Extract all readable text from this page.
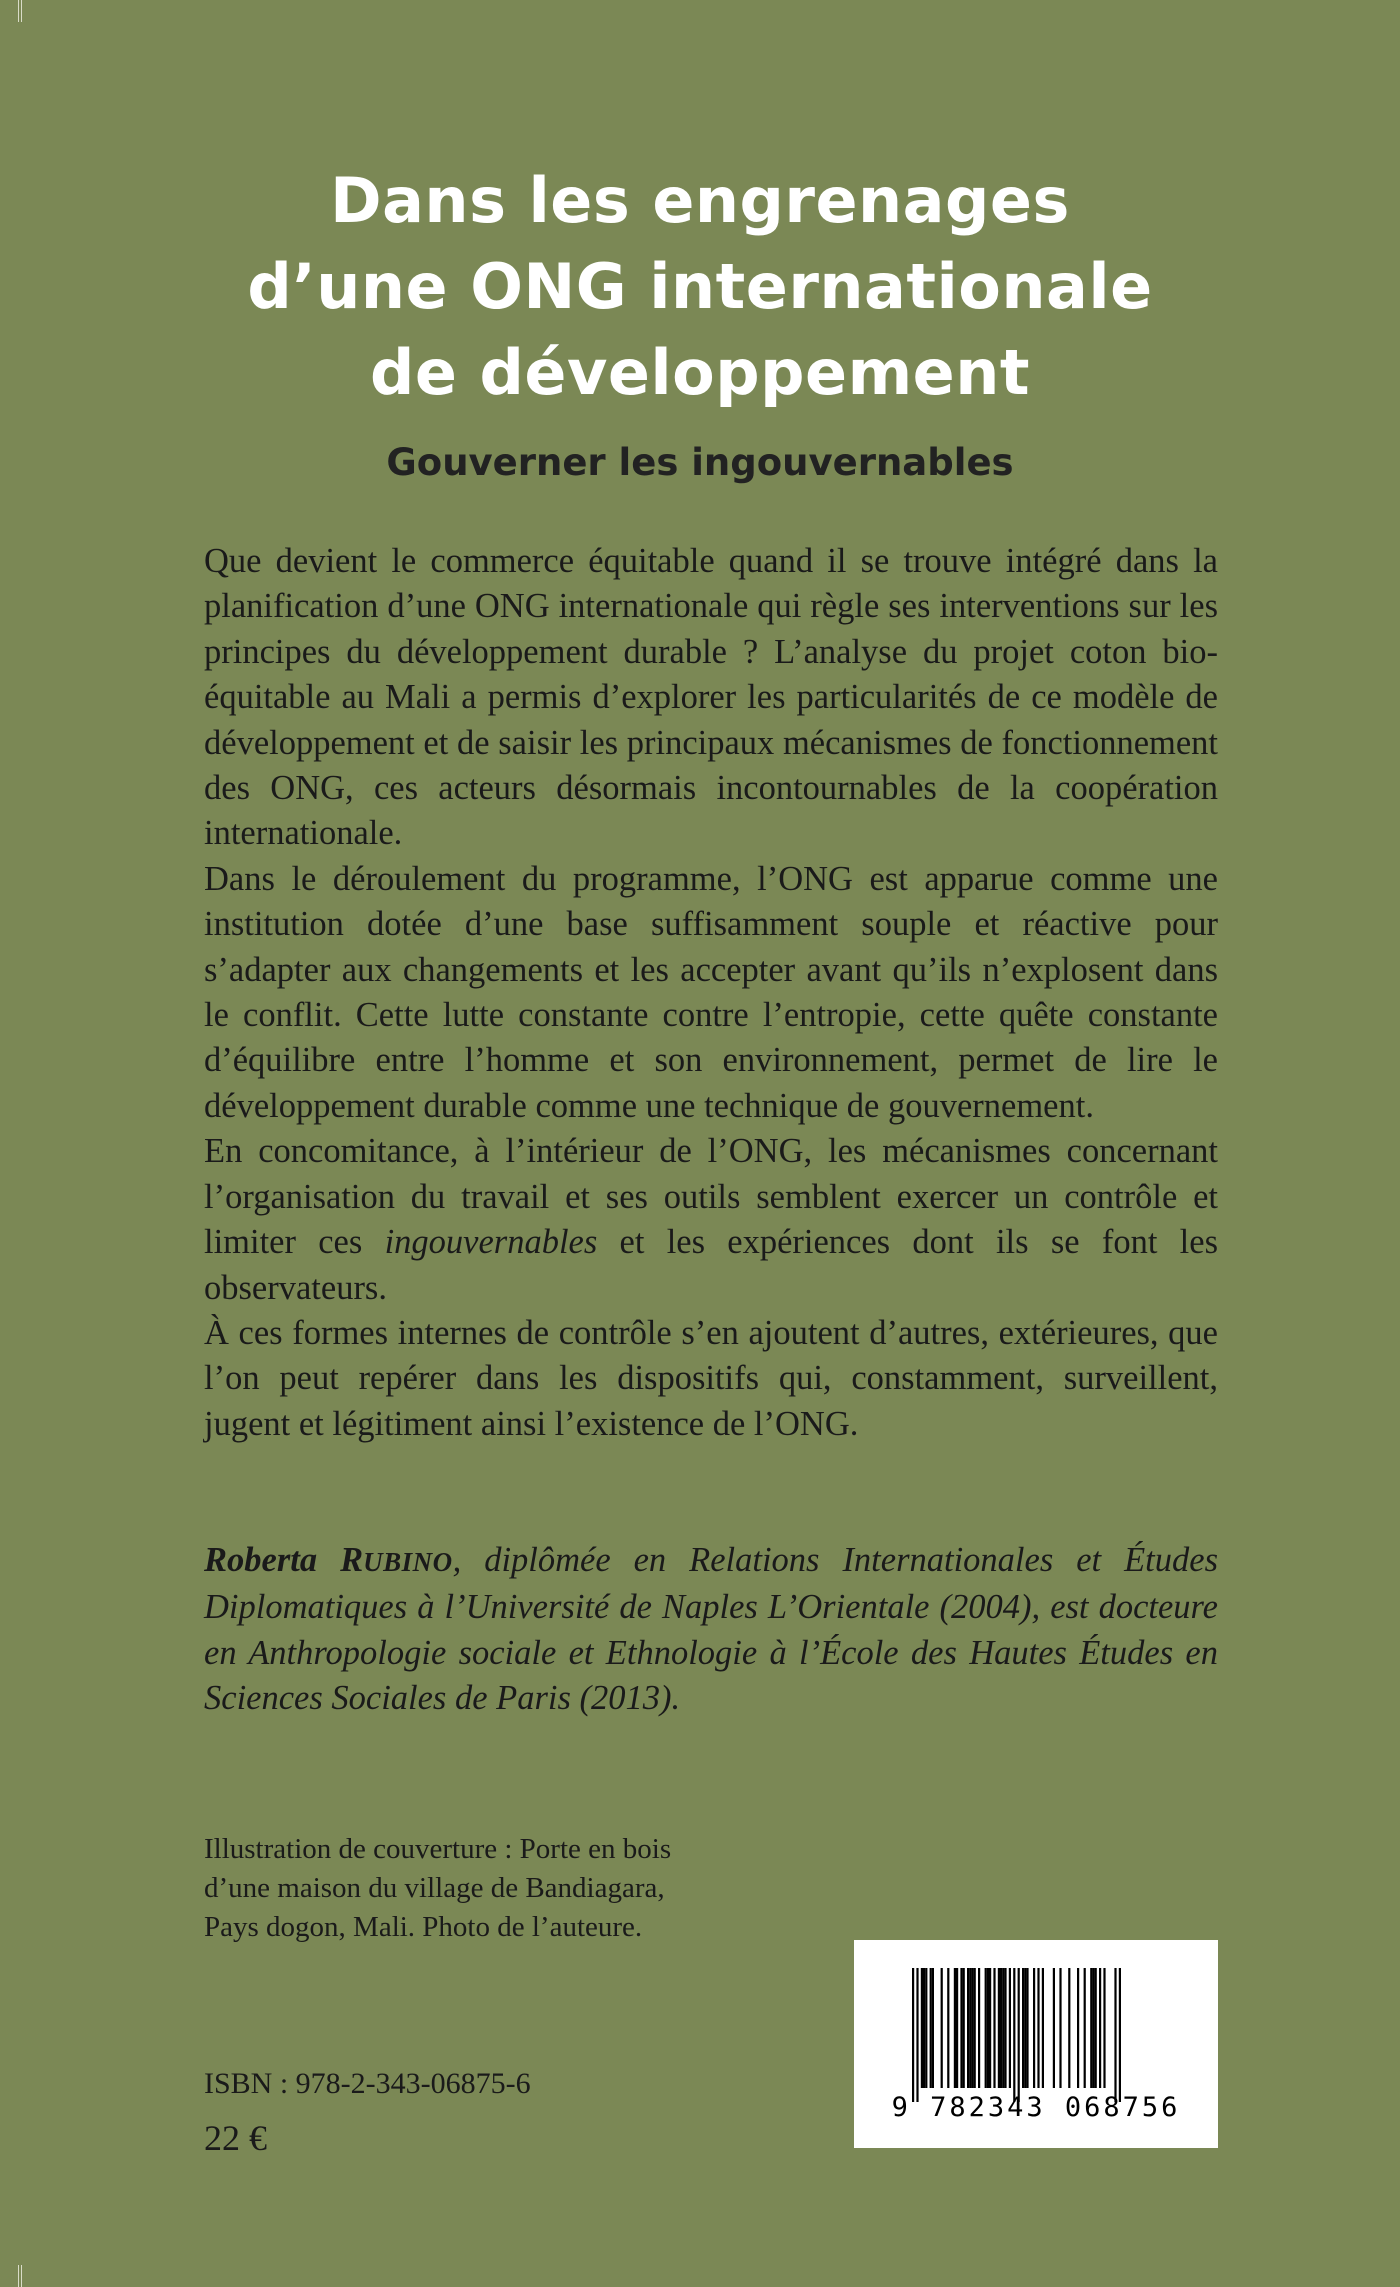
Dans les engrenages
d’une ONG internationale
de développement
Gouverner les ingouvernables

Que devient le commerce équitable quand il se trouve intégré dans la planification d’une ONG internationale qui règle ses interventions sur les principes du développement durable ? L’analyse du projet coton bio-équitable au Mali a permis d’explorer les particularités de ce modèle de développement et de saisir les principaux mécanismes de fonctionnement des ONG, ces acteurs désormais incontournables de la coopération internationale.

Dans le déroulement du programme, l’ONG est apparue comme une institution dotée d’une base suffisamment souple et réactive pour s’adapter aux changements et les accepter avant qu’ils n’explosent dans le conflit. Cette lutte constante contre l’entropie, cette quête constante d’équilibre entre l’homme et son environnement, permet de lire le développement durable comme une technique de gouvernement.

En concomitance, à l’intérieur de l’ONG, les mécanismes concernant l’organisation du travail et ses outils semblent exercer un contrôle et limiter ces ingouvernables et les expériences dont ils se font les observateurs.

À ces formes internes de contrôle s’en ajoutent d’autres, extérieures, que l’on peut repérer dans les dispositifs qui, constamment, surveillent, jugent et légitiment ainsi l’existence de l’ONG.

Roberta RUBINO, diplômée en Relations Internationales et Études Diplomatiques à l’Université de Naples L’Orientale (2004), est docteure en Anthropologie sociale et Ethnologie à l’École des Hautes Études en Sciences Sociales de Paris (2013).
Illustration de couverture : Porte en bois
d’une maison du village de Bandiagara,
Pays dogon, Mali. Photo de l’auteure.
ISBN : 978-2-343-06875-6
22 €
9 782343 068756
